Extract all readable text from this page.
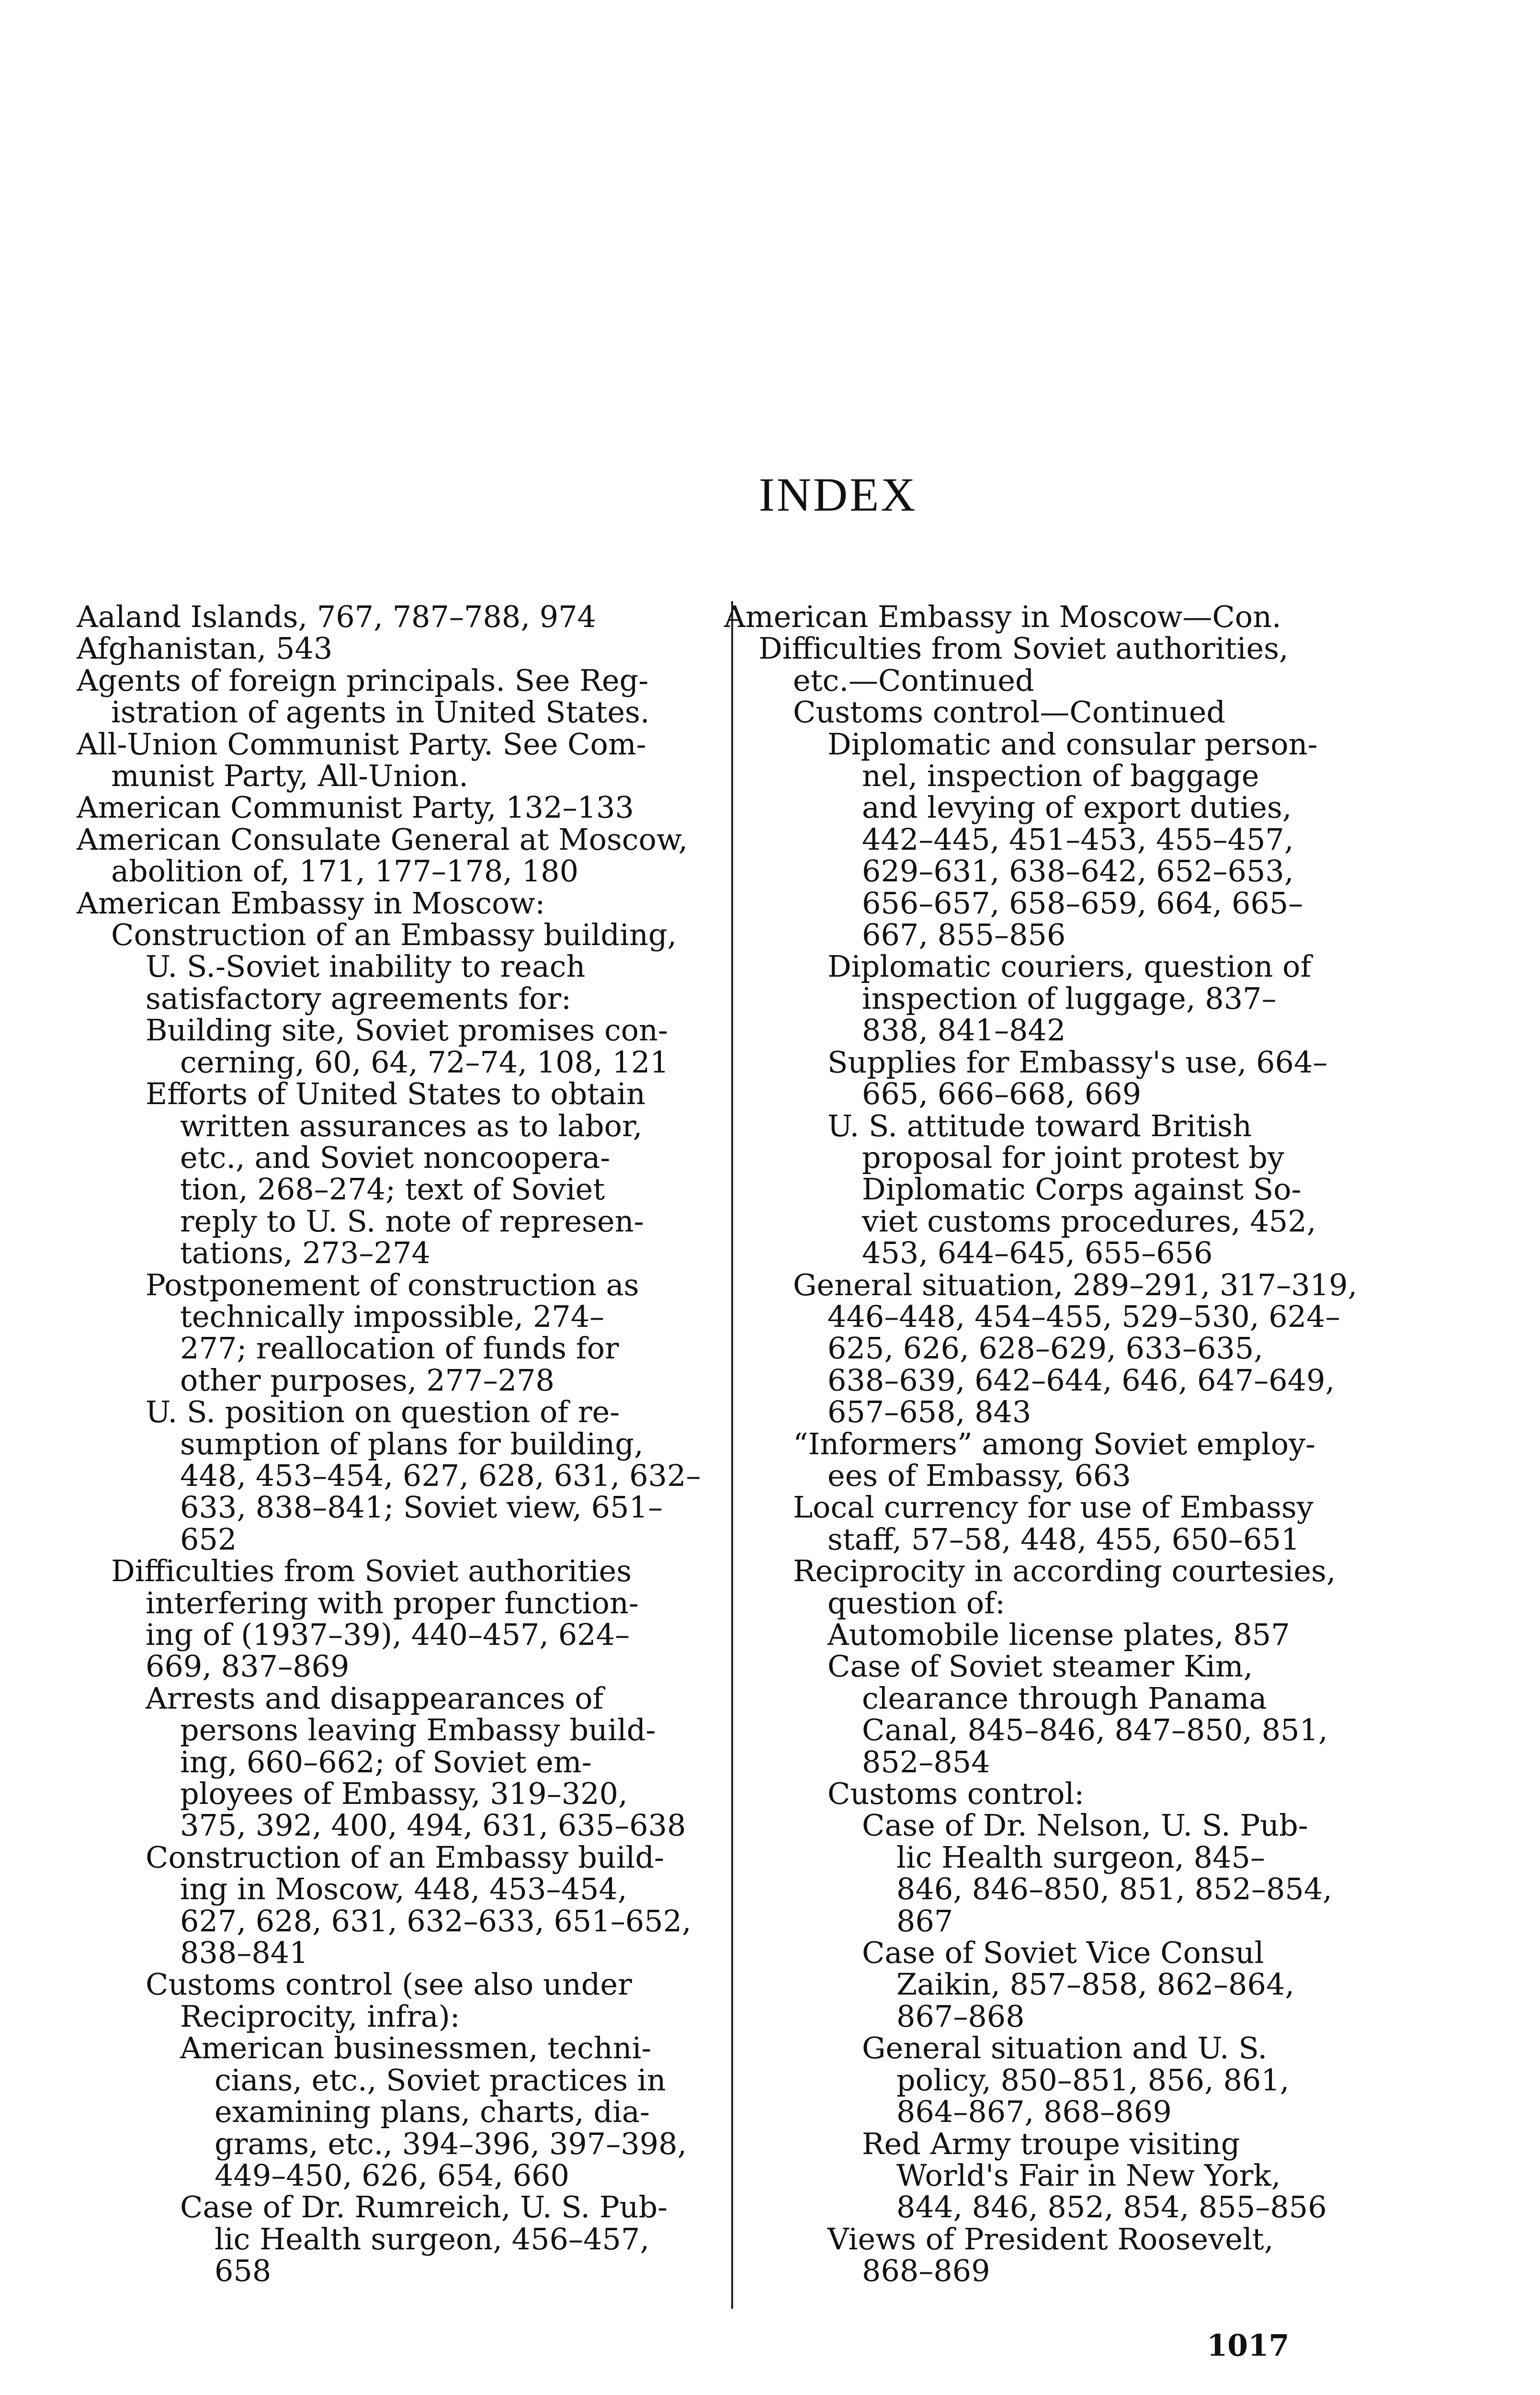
INDEX
Aaland Islands, 767, 787–788, 974
Afghanistan, 543
Agents of foreign principals. See Reg-
istration of agents in United States.
All-Union Communist Party. See Com-
munist Party, All-Union.
American Communist Party, 132–133
American Consulate General at Moscow,
abolition of, 171, 177–178, 180
American Embassy in Moscow:
Construction of an Embassy building,
U. S.-Soviet inability to reach
satisfactory agreements for:
Building site, Soviet promises con-
cerning, 60, 64, 72–74, 108, 121
Efforts of United States to obtain
written assurances as to labor,
etc., and Soviet noncoopera-
tion, 268–274; text of Soviet
reply to U. S. note of represen-
tations, 273–274
Postponement of construction as
technically impossible, 274–
277; reallocation of funds for
other purposes, 277–278
U. S. position on question of re-
sumption of plans for building,
448, 453–454, 627, 628, 631, 632–
633, 838–841; Soviet view, 651–
652
Difficulties from Soviet authorities
interfering with proper function-
ing of (1937–39), 440–457, 624–
669, 837–869
Arrests and disappearances of
persons leaving Embassy build-
ing, 660–662; of Soviet em-
ployees of Embassy, 319–320,
375, 392, 400, 494, 631, 635–638
Construction of an Embassy build-
ing in Moscow, 448, 453–454,
627, 628, 631, 632–633, 651–652,
838–841
Customs control (see also under
Reciprocity, infra):
American businessmen, techni-
cians, etc., Soviet practices in
examining plans, charts, dia-
grams, etc., 394–396, 397–398,
449–450, 626, 654, 660
Case of Dr. Rumreich, U. S. Pub-
lic Health surgeon, 456–457,
658
American Embassy in Moscow—Con.
Difficulties from Soviet authorities,
etc.—Continued
Customs control—Continued
Diplomatic and consular person-
nel, inspection of baggage
and levying of export duties,
442–445, 451–453, 455–457,
629–631, 638–642, 652–653,
656–657, 658–659, 664, 665–
667, 855–856
Diplomatic couriers, question of
inspection of luggage, 837–
838, 841–842
Supplies for Embassy's use, 664–
665, 666–668, 669
U. S. attitude toward British
proposal for joint protest by
Diplomatic Corps against So-
viet customs procedures, 452,
453, 644–645, 655–656
General situation, 289–291, 317–319,
446–448, 454–455, 529–530, 624–
625, 626, 628–629, 633–635,
638–639, 642–644, 646, 647–649,
657–658, 843
“Informers” among Soviet employ-
ees of Embassy, 663
Local currency for use of Embassy
staff, 57–58, 448, 455, 650–651
Reciprocity in according courtesies,
question of:
Automobile license plates, 857
Case of Soviet steamer Kim,
clearance through Panama
Canal, 845–846, 847–850, 851,
852–854
Customs control:
Case of Dr. Nelson, U. S. Pub-
lic Health surgeon, 845–
846, 846–850, 851, 852–854,
867
Case of Soviet Vice Consul
Zaikin, 857–858, 862–864,
867–868
General situation and U. S.
policy, 850–851, 856, 861,
864–867, 868–869
Red Army troupe visiting
World's Fair in New York,
844, 846, 852, 854, 855–856
Views of President Roosevelt,
868–869
1017
